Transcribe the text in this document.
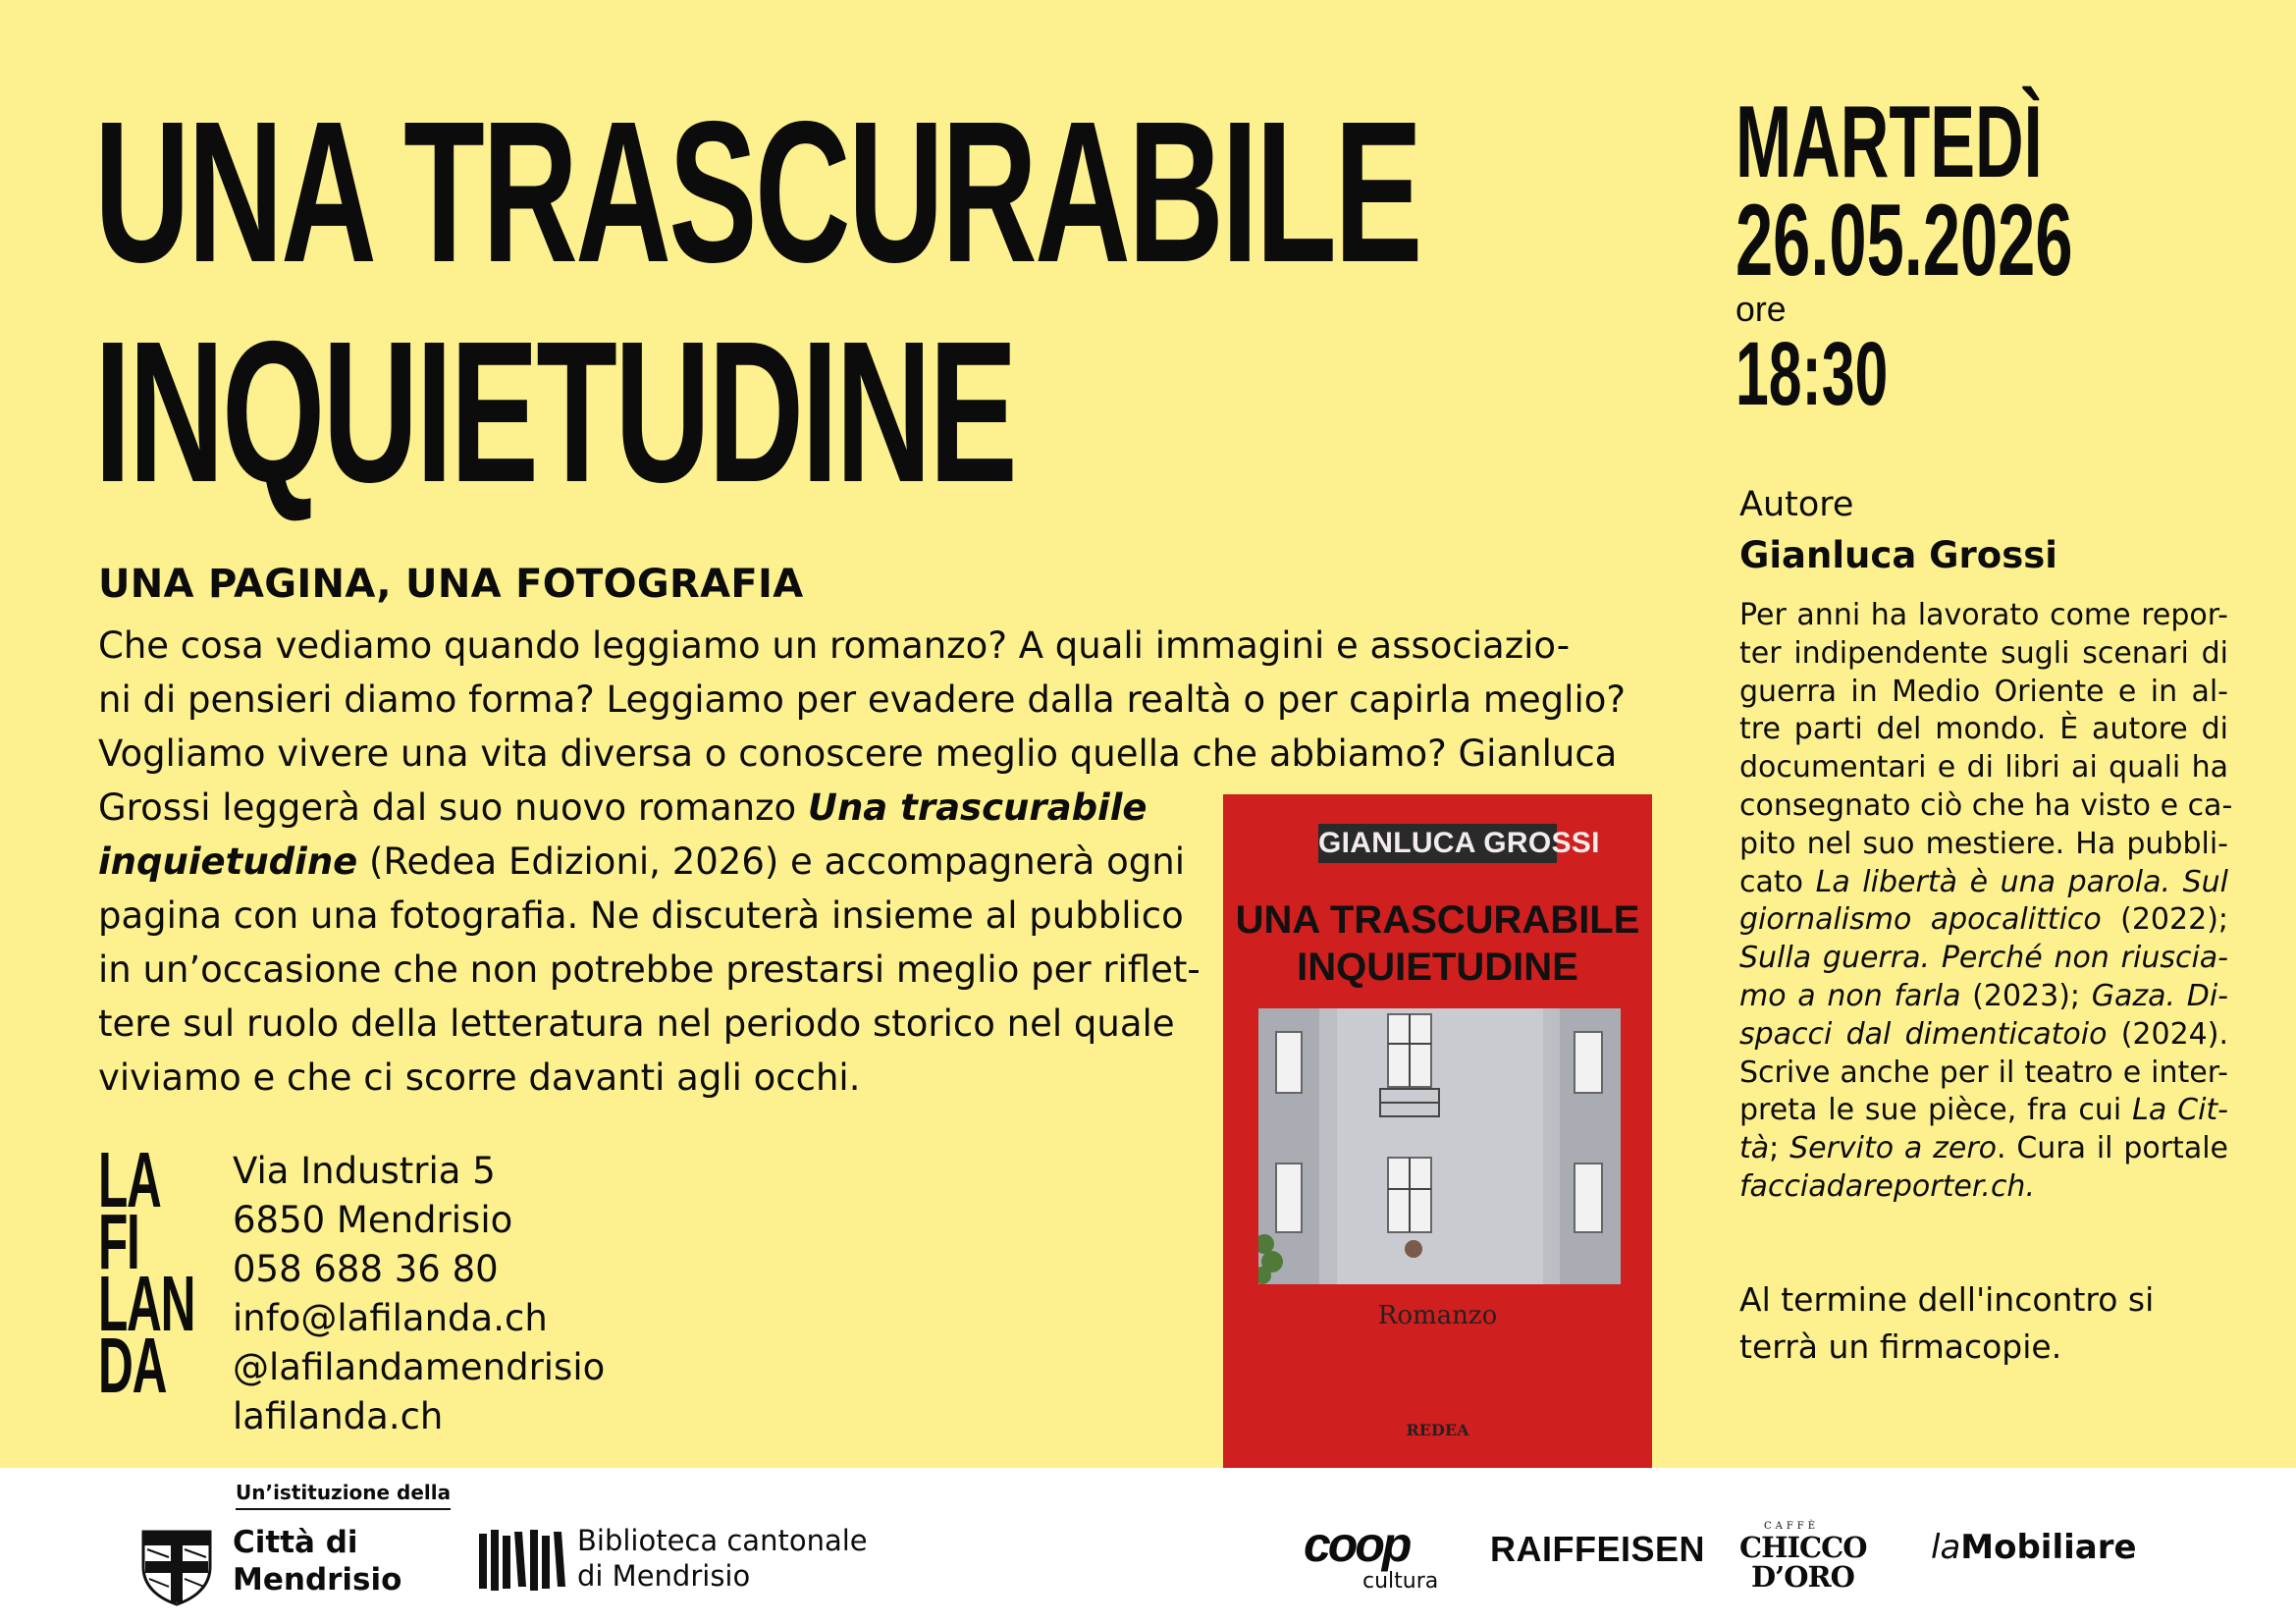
UNA TRASCURABILE
INQUIETUDINE
MARTEDÌ
26.05.2026
ore
18:30
UNA PAGINA, UNA FOTOGRAFIA
Che cosa vediamo quando leggiamo un romanzo? A quali immagini e associazio-
ni di pensieri diamo forma? Leggiamo per evadere dalla realtà o per capirla meglio?
Vogliamo vivere una vita diversa o conoscere meglio quella che abbiamo? Gianluca
Grossi leggerà dal suo nuovo romanzo Una trascurabile
inquietudine (Redea Edizioni, 2026) e accompagnerà ogni
pagina con una fotografia. Ne discuterà insieme al pubblico
in un’occasione che non potrebbe prestarsi meglio per riflet-
tere sul ruolo della letteratura nel periodo storico nel quale
viviamo e che ci scorre davanti agli occhi.
Autore
Gianluca Grossi
Per anni ha lavorato come repor-
ter indipendente sugli scenari di
guerra in Medio Oriente e in al-
tre parti del mondo. È autore di
documentari e di libri ai quali ha
consegnato ciò che ha visto e ca-
pito nel suo mestiere. Ha pubbli-
cato La libertà è una parola. Sul
giornalismo apocalittico (2022);
Sulla guerra. Perché non riuscia-
mo a non farla (2023); Gaza. Di-
spacci dal dimenticatoio (2024).
Scrive anche per il teatro e inter-
preta le sue pièce, fra cui La Cit-
tà; Servito a zero. Cura il portale
facciadareporter.ch.
Al termine dell'incontro si
terrà un firmacopie.
LA
FI
LAN
DA
Via Industria 5
6850 Mendrisio
058 688 36 80
info@lafilanda.ch
@lafilandamendrisio
lafilanda.ch
GIANLUCA GROSSI
UNA TRASCURABILE
INQUIETUDINE
Romanzo
REDEA
Un’istituzione della
Città di
Mendrisio
Biblioteca cantonale
di Mendrisio
coop
cultura
RAIFFEISEN
CAFFÈ
CHICCO
D’ORO
laMobiliare
